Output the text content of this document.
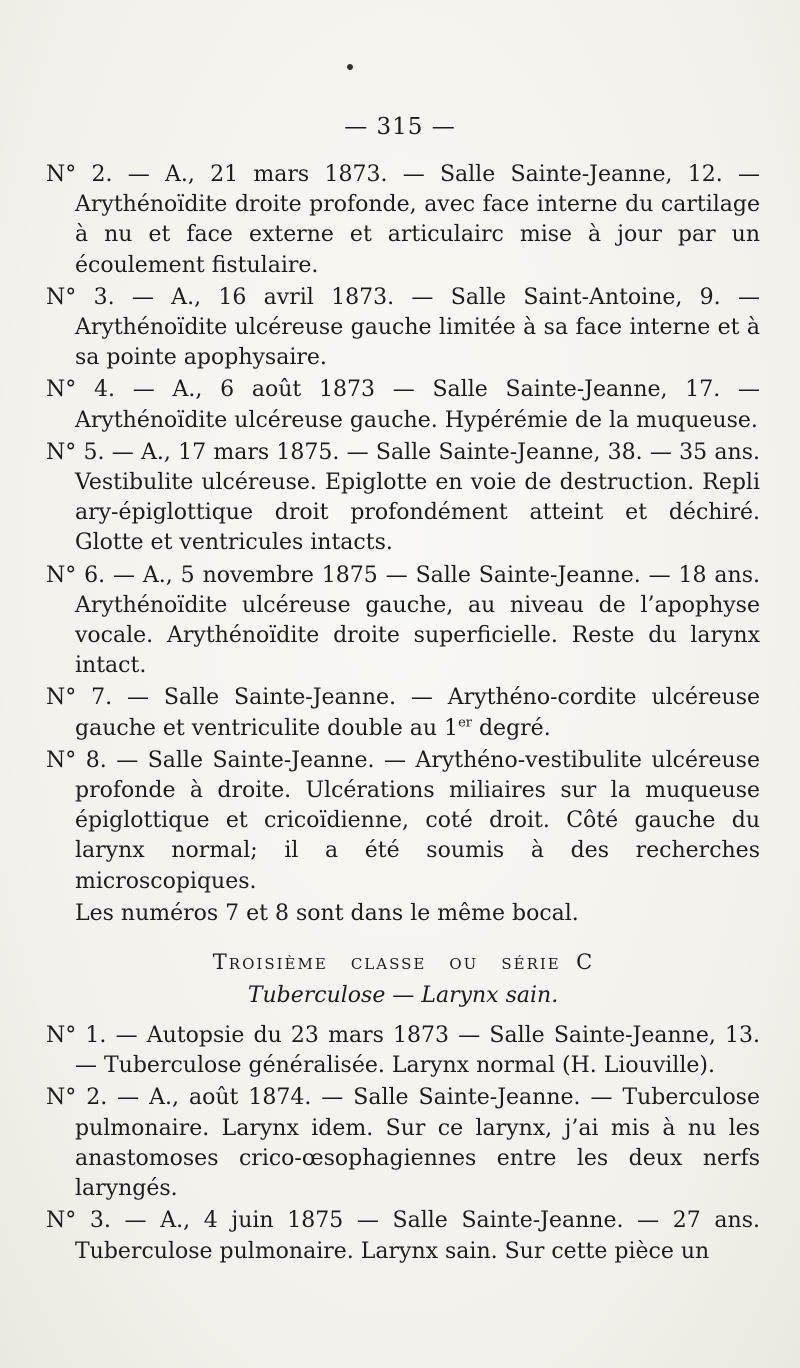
— 315 —

N° 2. — A., 21 mars 1873. — Salle Sainte-Jeanne, 12. — Arythénoïdite droite profonde, avec face interne du cartilage à nu et face externe et articulairc mise à jour par un écoulement fistulaire.

N° 3. — A., 16 avril 1873. — Salle Saint-Antoine, 9. — Arythénoïdite ulcéreuse gauche limitée à sa face interne et à sa pointe apophysaire.

N° 4. — A., 6 août 1873 — Salle Sainte-Jeanne, 17. — Arythénoïdite ulcéreuse gauche. Hypérémie de la muqueuse.

N° 5. — A., 17 mars 1875. — Salle Sainte-Jeanne, 38. — 35 ans. Vestibulite ulcéreuse. Epiglotte en voie de destruction. Repli ary-épiglottique droit profondément atteint et déchiré. Glotte et ventricules intacts.

N° 6. — A., 5 novembre 1875 — Salle Sainte-Jeanne. — 18 ans. Arythénoïdite ulcéreuse gauche, au niveau de l’apophyse vocale. Arythénoïdite droite superficielle. Reste du larynx intact.

N° 7. — Salle Sainte-Jeanne. — Arythéno-cordite ulcéreuse gauche et ventriculite double au 1er degré.

N° 8. — Salle Sainte-Jeanne. — Arythéno-vestibulite ulcéreuse profonde à droite. Ulcérations miliaires sur la muqueuse épiglottique et cricoïdienne, coté droit. Côté gauche du larynx normal; il a été soumis à des recherches microscopiques.

Les numéros 7 et 8 sont dans le même bocal.

Troisième classe ou série C

Tuberculose — Larynx sain.

N° 1. — Autopsie du 23 mars 1873 — Salle Sainte-Jeanne, 13. — Tuberculose généralisée. Larynx normal (H. Liouville).

N° 2. — A., août 1874. — Salle Sainte-Jeanne. — Tuberculose pulmonaire. Larynx idem. Sur ce larynx, j’ai mis à nu les anastomoses crico-œsophagiennes entre les deux nerfs laryngés.

N° 3. — A., 4 juin 1875 — Salle Sainte-Jeanne. — 27 ans. Tuberculose pulmonaire. Larynx sain. Sur cette pièce un
